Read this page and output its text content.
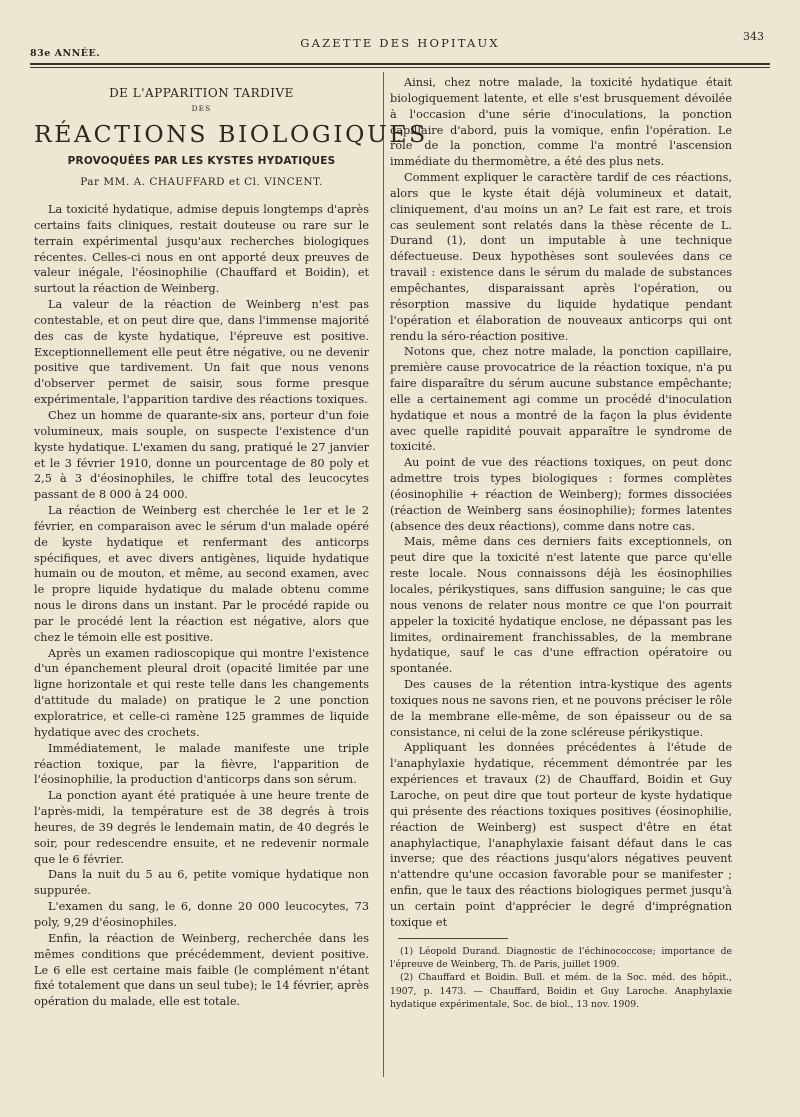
83e ANNÉE.
GAZETTE DES HOPITAUX	343
DE L'APPARITION TARDIVE
DES
RÉACTIONS BIOLOGIQUES
PROVOQUÉES PAR LES KYSTES HYDATIQUES
Par MM. A. CHAUFFARD et Cl. VINCENT.

La toxicité hydatique, admise depuis longtemps d'après certains faits cliniques, restait douteuse ou rare sur le terrain expérimental jusqu'aux recherches biologiques récentes. Celles-ci nous en ont apporté deux preuves de valeur inégale, l'éosinophilie (Chauffard et Boidin), et surtout la réaction de Weinberg.

La valeur de la réaction de Weinberg n'est pas contestable, et on peut dire que, dans l'immense majorité des cas de kyste hydatique, l'épreuve est positive. Exceptionnellement elle peut être négative, ou ne devenir positive que tardivement. Un fait que nous venons d'observer permet de saisir, sous forme presque expérimentale, l'apparition tardive des réactions toxiques.

Chez un homme de quarante-six ans, porteur d'un foie volumineux, mais souple, on suspecte l'existence d'un kyste hydatique. L'examen du sang, pratiqué le 27 janvier et le 3 février 1910, donne un pourcentage de 80 poly et 2,5 à 3 d'éosinophiles, le chiffre total des leucocytes passant de 8 000 à 24 000.

La réaction de Weinberg est cherchée le 1er et le 2 février, en comparaison avec le sérum d'un malade opéré de kyste hydatique et renfermant des anticorps spécifiques, et avec divers antigènes, liquide hydatique humain ou de mouton, et même, au second examen, avec le propre liquide hydatique du malade obtenu comme nous le dirons dans un instant. Par le procédé rapide ou par le procédé lent la réaction est négative, alors que chez le témoin elle est positive.

Après un examen radioscopique qui montre l'existence d'un épanchement pleural droit (opacité limitée par une ligne horizontale et qui reste telle dans les changements d'attitude du malade) on pratique le 2 une ponction exploratrice, et celle-ci ramène 125 grammes de liquide hydatique avec des crochets.

Immédiatement, le malade manifeste une triple réaction toxique, par la fièvre, l'apparition de l'éosinophilie, la production d'anticorps dans son sérum.

La ponction ayant été pratiquée à une heure trente de l'après-midi, la température est de 38 degrés à trois heures, de 39 degrés le lendemain matin, de 40 degrés le soir, pour redescendre ensuite, et ne redevenir normale que le 6 février.

Dans la nuit du 5 au 6, petite vomique hydatique non suppurée.

L'examen du sang, le 6, donne 20 000 leucocytes, 73 poly, 9,29 d'éosinophiles.

Enfin, la réaction de Weinberg, recherchée dans les mêmes conditions que précédemment, devient positive. Le 6 elle est certaine mais faible (le complément n'étant fixé totalement que dans un seul tube); le 14 février, après opération du malade, elle est totale.

Ainsi, chez notre malade, la toxicité hydatique était biologiquement latente, et elle s'est brusquement dévoilée à l'occasion d'une série d'inoculations, la ponction capillaire d'abord, puis la vomique, enfin l'opération. Le rôle de la ponction, comme l'a montré l'ascension immédiate du thermomètre, a été des plus nets.

Comment expliquer le caractère tardif de ces réactions, alors que le kyste était déjà volumineux et datait, cliniquement, d'au moins un an? Le fait est rare, et trois cas seulement sont relatés dans la thèse récente de L. Durand (1), dont un imputable à une technique défectueuse. Deux hypothèses sont soulevées dans ce travail : existence dans le sérum du malade de substances empêchantes, disparaissant après l'opération, ou résorption massive du liquide hydatique pendant l'opération et élaboration de nouveaux anticorps qui ont rendu la séro-réaction positive.

Notons que, chez notre malade, la ponction capillaire, première cause provocatrice de la réaction toxique, n'a pu faire disparaître du sérum aucune substance empêchante; elle a certainement agi comme un procédé d'inoculation hydatique et nous a montré de la façon la plus évidente avec quelle rapidité pouvait apparaître le syndrome de toxicité.

Au point de vue des réactions toxiques, on peut donc admettre trois types biologiques : formes complètes (éosinophilie + réaction de Weinberg); formes dissociées (réaction de Weinberg sans éosinophilie); formes latentes (absence des deux réactions), comme dans notre cas.

Mais, même dans ces derniers faits exceptionnels, on peut dire que la toxicité n'est latente que parce qu'elle reste locale. Nous connaissons déjà les éosinophilies locales, périkystiques, sans diffusion sanguine; le cas que nous venons de relater nous montre ce que l'on pourrait appeler la toxicité hydatique enclose, ne dépassant pas les limites, ordinairement franchissables, de la membrane hydatique, sauf le cas d'une effraction opératoire ou spontanée.

Des causes de la rétention intra-kystique des agents toxiques nous ne savons rien, et ne pouvons préciser le rôle de la membrane elle-même, de son épaisseur ou de sa consistance, ni celui de la zone scléreuse périkystique.

Appliquant les données précédentes à l'étude de l'anaphylaxie hydatique, récemment démontrée par les expériences et travaux (2) de Chauffard, Boidin et Guy Laroche, on peut dire que tout porteur de kyste hydatique qui présente des réactions toxiques positives (éosinophilie, réaction de Weinberg) est suspect d'être en état anaphylactique, l'anaphylaxie faisant défaut dans le cas inverse; que des réactions jusqu'alors négatives peuvent n'attendre qu'une occasion favorable pour se manifester ; enfin, que le taux des réactions biologiques permet jusqu'à un certain point d'apprécier le degré d'imprégnation toxique et

(1) Léopold Durand. Diagnostic de l'échinococcose; importance de l'épreuve de Weinberg, Th. de Paris, juillet 1909.

(2) Chauffard et Boidin. Bull. et mém. de la Soc. méd. des hôpit., 1907, p. 1473. — Chauffard, Boidin et Guy Laroche. Anaphylaxie hydatique expérimentale, Soc. de biol., 13 nov. 1909.
